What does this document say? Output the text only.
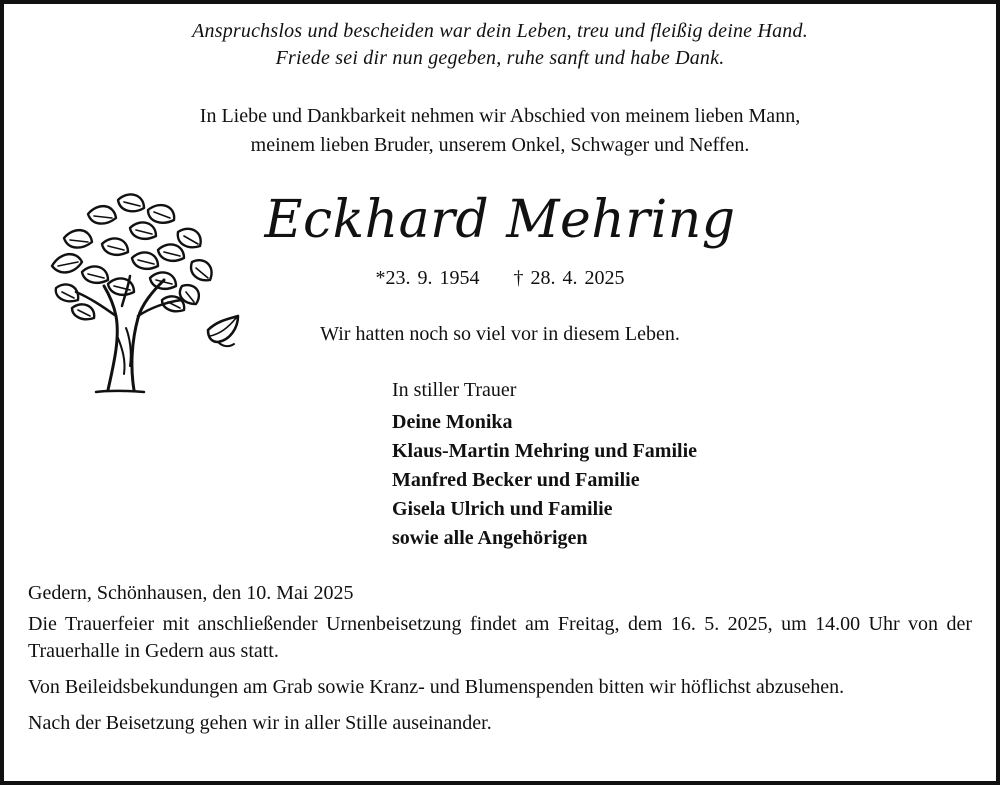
Anspruchslos und bescheiden war dein Leben, treu und fleißig deine Hand.
Friede sei dir nun gegeben, ruhe sanft und habe Dank.
In Liebe und Dankbarkeit nehmen wir Abschied von meinem lieben Mann,
meinem lieben Bruder, unserem Onkel, Schwager und Neffen.
Eckhard Mehring
*23. 9. 1954 † 28. 4. 2025
Wir hatten noch so viel vor in diesem Leben.
In stiller Trauer
Deine Monika
Klaus-Martin Mehring und Familie
Manfred Becker und Familie
Gisela Ulrich und Familie
sowie alle Angehörigen

Gedern, Schönhausen, den 10. Mai 2025

Die Trauerfeier mit anschließender Urnenbeisetzung findet am Freitag, dem 16. 5. 2025, um 14.00 Uhr von der Trauerhalle in Gedern aus statt.

Von Beileidsbekundungen am Grab sowie Kranz- und Blumenspenden bitten wir höflichst abzusehen.

Nach der Beisetzung gehen wir in aller Stille auseinander.
